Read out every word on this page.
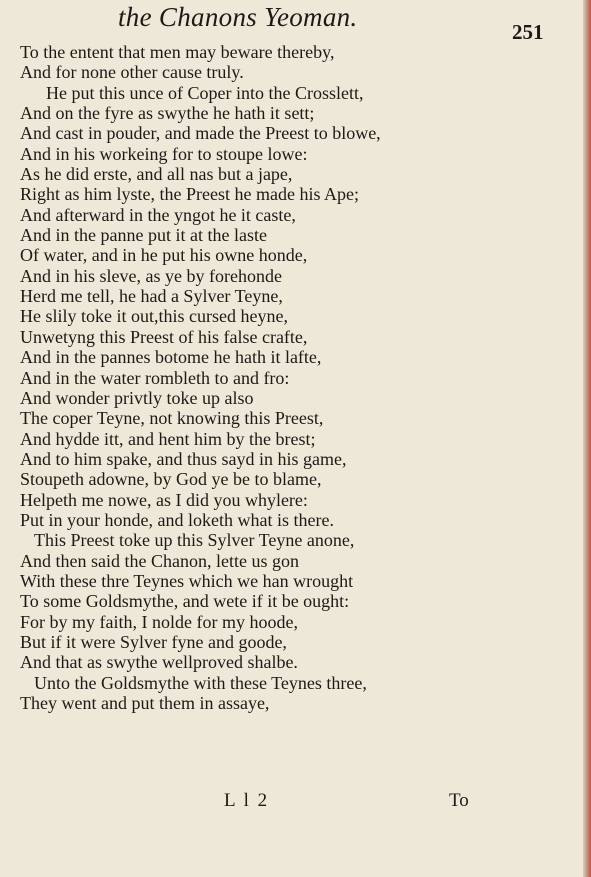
the Chanons Yeoman.	251
To the entent that men may beware thereby,
And for none other cause truly.
He put this unce of Coper into the Crosslett,
And on the fyre as swythe he hath it sett;
And cast in pouder, and made the Preest to blowe,
And in his workeing for to stoupe lowe:
As he did erste, and all nas but a jape,
Right as him lyste, the Preest he made his Ape;
And afterward in the yngot he it caste,
And in the panne put it at the laste
Of water, and in he put his owne honde,
And in his sleve, as ye by forehonde
Herd me tell, he had a Sylver Teyne,
He slily toke it out,this cursed heyne,
Unwetyng this Preest of his false crafte,
And in the pannes botome he hath it lafte,
And in the water rombleth to and fro:
And wonder privtly toke up also
The coper Teyne, not knowing this Preest,
And hydde itt, and hent him by the brest;
And to him spake, and thus sayd in his game,
Stoupeth adowne, by God ye be to blame,
Helpeth me nowe, as I did you whylere:
Put in your honde, and loketh what is there.
This Preest toke up this Sylver Teyne anone,
And then said the Chanon, lette us gon
With these thre Teynes which we han wrought
To some Goldsmythe, and wete if it be ought:
For by my faith, I nolde for my hoode,
But if it were Sylver fyne and goode,
And that as swythe wellproved shalbe.
Unto the Goldsmythe with these Teynes three,
They went and put them in assaye,
L l 2	To
